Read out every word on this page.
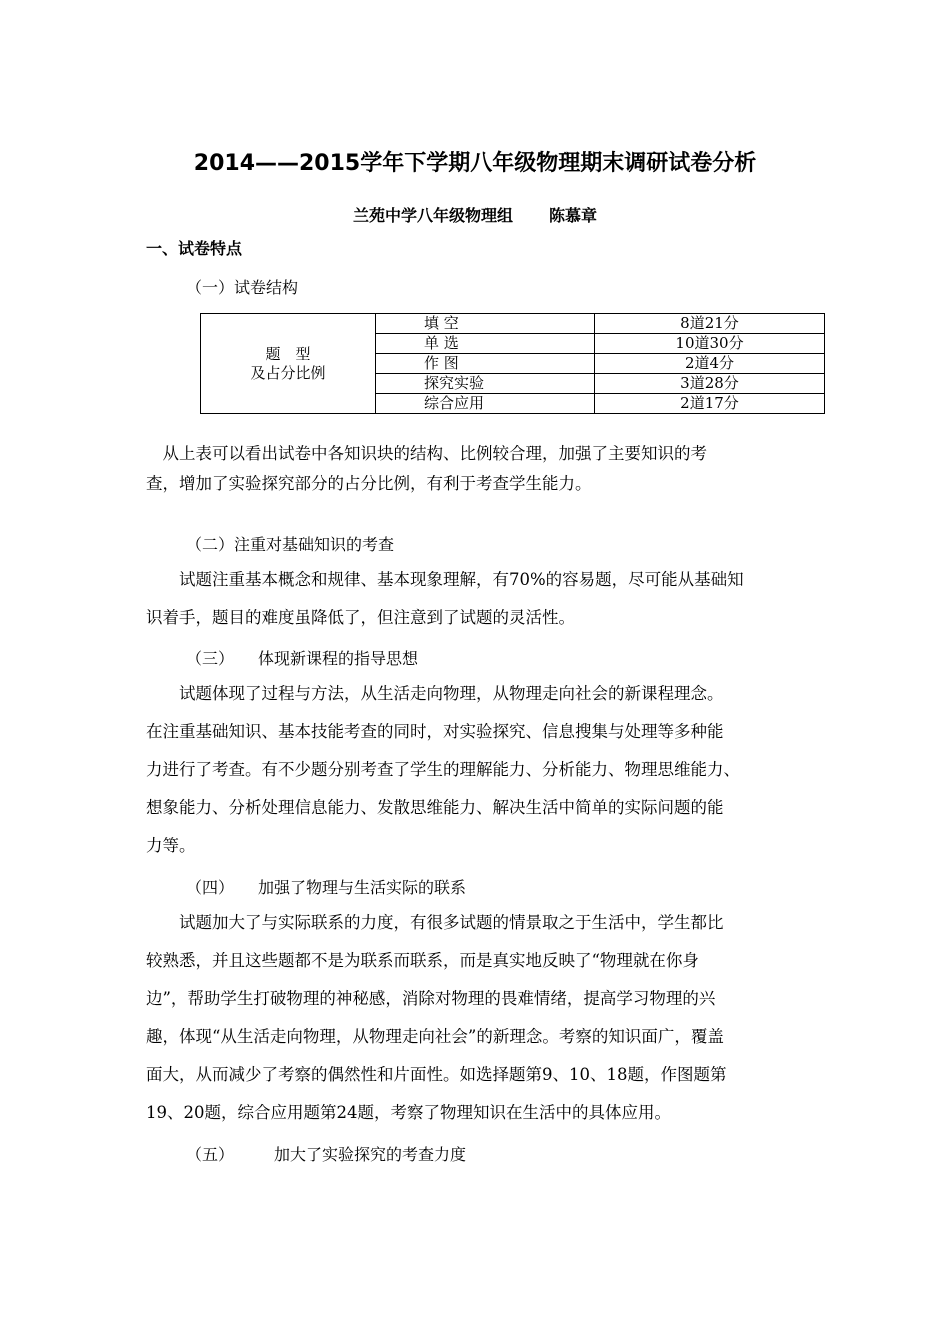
2014——2015学年下学期八年级物理期末调研试卷分析
兰苑中学八年级物理组 陈慕章
一、试卷特点
（一）试卷结构
题　型
及占分比例	填 空	8道21分
	单 选	10道30分
	作 图	2道4分
	探究实验	3道28分
	综合应用	2道17分
　从上表可以看出试卷中各知识块的结构、比例较合理，加强了主要知识的考
查，增加了实验探究部分的占分比例，有利于考查学生能力。
（二）注重对基础知识的考查
　　试题注重基本概念和规律、基本现象理解，有70%的容易题，尽可能从基础知
识着手，题目的难度虽降低了，但注意到了试题的灵活性。
（三）　　体现新课程的指导思想
　　试题体现了过程与方法，从生活走向物理，从物理走向社会的新课程理念。
在注重基础知识、基本技能考查的同时，对实验探究、信息搜集与处理等多种能
力进行了考查。有不少题分别考查了学生的理解能力、分析能力、物理思维能力、
想象能力、分析处理信息能力、发散思维能力、解决生活中简单的实际问题的能
力等。
（四）　　加强了物理与生活实际的联系
　　试题加大了与实际联系的力度，有很多试题的情景取之于生活中，学生都比
较熟悉，并且这些题都不是为联系而联系，而是真实地反映了“物理就在你身
边”，帮助学生打破物理的神秘感，消除对物理的畏难情绪，提高学习物理的兴
趣，体现“从生活走向物理，从物理走向社会”的新理念。考察的知识面广，覆盖
面大，从而减少了考察的偶然性和片面性。如选择题第9、10、18题，作图题第
19、20题，综合应用题第24题，考察了物理知识在生活中的具体应用。
（五）　　　加大了实验探究的考查力度
